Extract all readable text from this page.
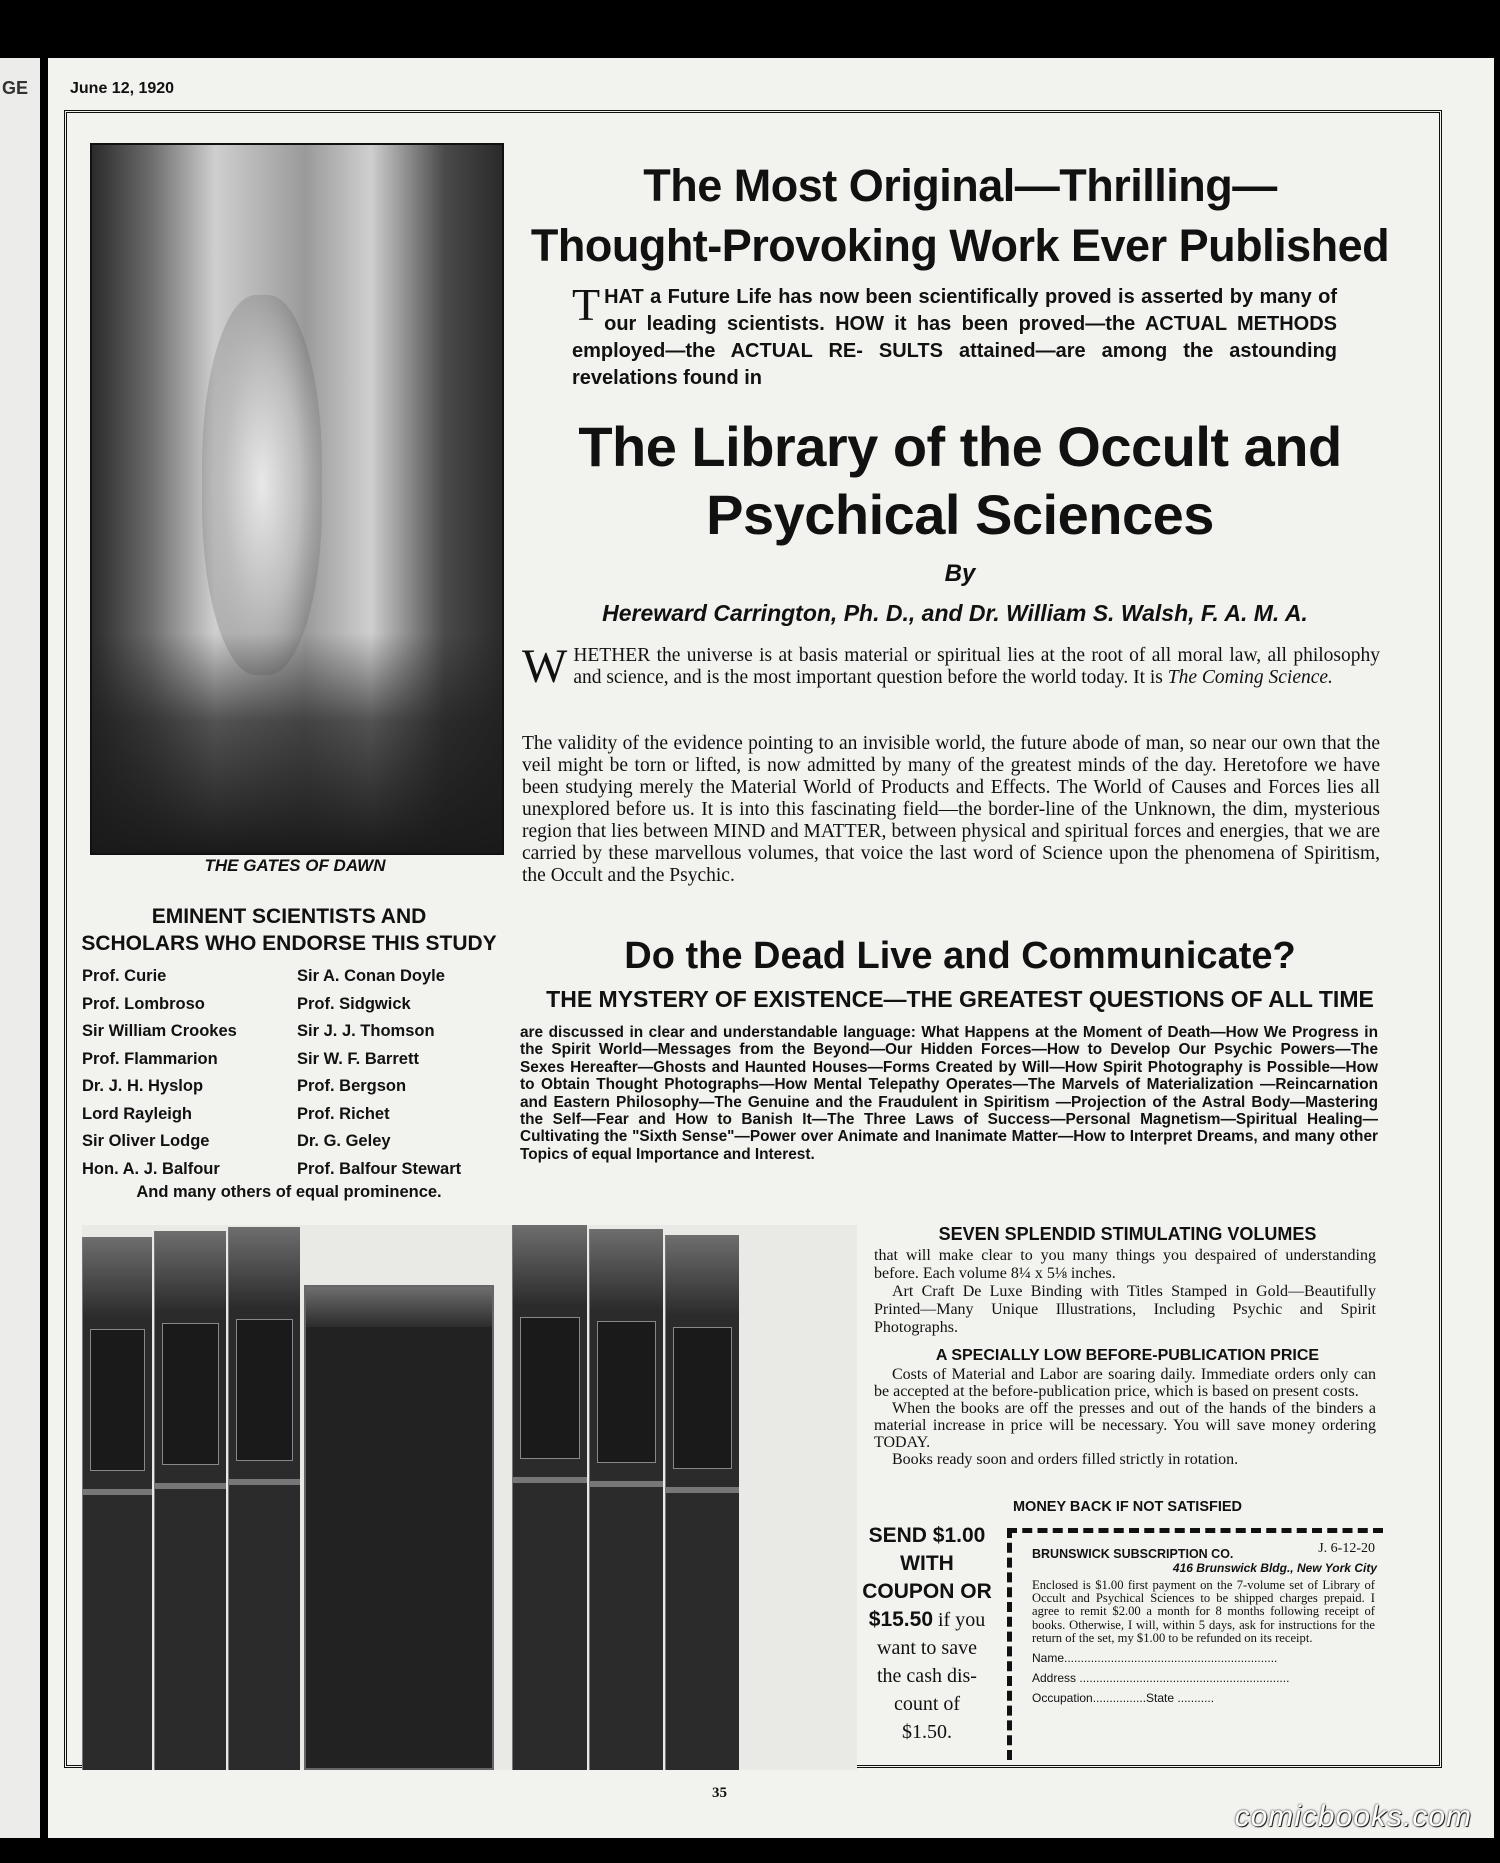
GE	June 12, 1920
THE GATES OF DAWN
The Most Original—Thrilling—
Thought-Provoking Work Ever Published
THAT a Future Life has now been scientifically proved is asserted by many of our leading scientists. HOW it has been proved—the ACTUAL METHODS employed—the ACTUAL RE- SULTS attained—are among the astounding revelations found in
The Library of the Occult and
Psychical Sciences
By
Hereward Carrington, Ph. D., and Dr. William S. Walsh, F. A. M. A.
WHETHER the universe is at basis material or spiritual lies at the root of all moral law, all philosophy and science, and is the most important question before the world today. It is The Coming Science.
The validity of the evidence pointing to an invisible world, the future abode of man, so near our own that the veil might be torn or lifted, is now admitted by many of the greatest minds of the day. Heretofore we have been studying merely the Material World of Products and Effects. The World of Causes and Forces lies all unexplored before us. It is into this fascinating field—the border-line of the Unknown, the dim, mysterious region that lies between MIND and MATTER, between physical and spiritual forces and energies, that we are carried by these marvellous volumes, that voice the last word of Science upon the phenomena of Spiritism, the Occult and the Psychic.
EMINENT SCIENTISTS AND
SCHOLARS WHO ENDORSE THIS STUDY
Prof. Curie	Sir A. Conan Doyle
Prof. Lombroso	Prof. Sidgwick
Sir William Crookes	Sir J. J. Thomson
Prof. Flammarion	Sir W. F. Barrett
Dr. J. H. Hyslop	Prof. Bergson
Lord Rayleigh	Prof. Richet
Sir Oliver Lodge	Dr. G. Geley
Hon. A. J. Balfour	Prof. Balfour Stewart
And many others of equal prominence.
Do the Dead Live and Communicate?
THE MYSTERY OF EXISTENCE—THE GREATEST QUESTIONS OF ALL TIME
are discussed in clear and understandable language: What Happens at the Moment of Death—How We Progress in the Spirit World—Messages from the Beyond—Our Hidden Forces—How to Develop Our Psychic Powers—The Sexes Hereafter—Ghosts and Haunted Houses—Forms Created by Will—How Spirit Photography is Possible—How to Obtain Thought Photographs—How Mental Telepathy Operates—The Marvels of Materialization —Reincarnation and Eastern Philosophy—The Genuine and the Fraudulent in Spiritism —Projection of the Astral Body—Mastering the Self—Fear and How to Banish It—The Three Laws of Success—Personal Magnetism—Spiritual Healing—Cultivating the "Sixth Sense"—Power over Animate and Inanimate Matter—How to Interpret Dreams, and many other Topics of equal Importance and Interest.
SEVEN SPLENDID STIMULATING VOLUMES
that will make clear to you many things you despaired of understanding before. Each volume 8¼ x 5⅛ inches.
Art Craft De Luxe Binding with Titles Stamped in Gold—Beautifully Printed—Many Unique Illustrations, Including Psychic and Spirit Photographs.
A SPECIALLY LOW BEFORE-PUBLICATION PRICE
Costs of Material and Labor are soaring daily. Immediate orders only can be accepted at the before-publication price, which is based on present costs.
When the books are off the presses and out of the hands of the binders a material increase in price will be necessary. You will save money ordering TODAY.
Books ready soon and orders filled strictly in rotation.
MONEY BACK IF NOT SATISFIED
SEND $1.00
WITH
COUPON OR
$15.50 if you
want to save
the cash dis-
count of
$1.50.
J. 6-12-20
BRUNSWICK SUBSCRIPTION CO.
416 Brunswick Bldg., New York City
Enclosed is $1.00 first payment on the 7-volume set of Library of Occult and Psychical Sciences to be shipped charges prepaid. I agree to remit $2.00 a month for 8 months following receipt of books. Otherwise, I will, within 5 days, ask for instructions for the return of the set, my $1.00 to be refunded on its receipt.
Name................................................................
Address ...............................................................
Occupation................State ...........
35
comicbooks.com
